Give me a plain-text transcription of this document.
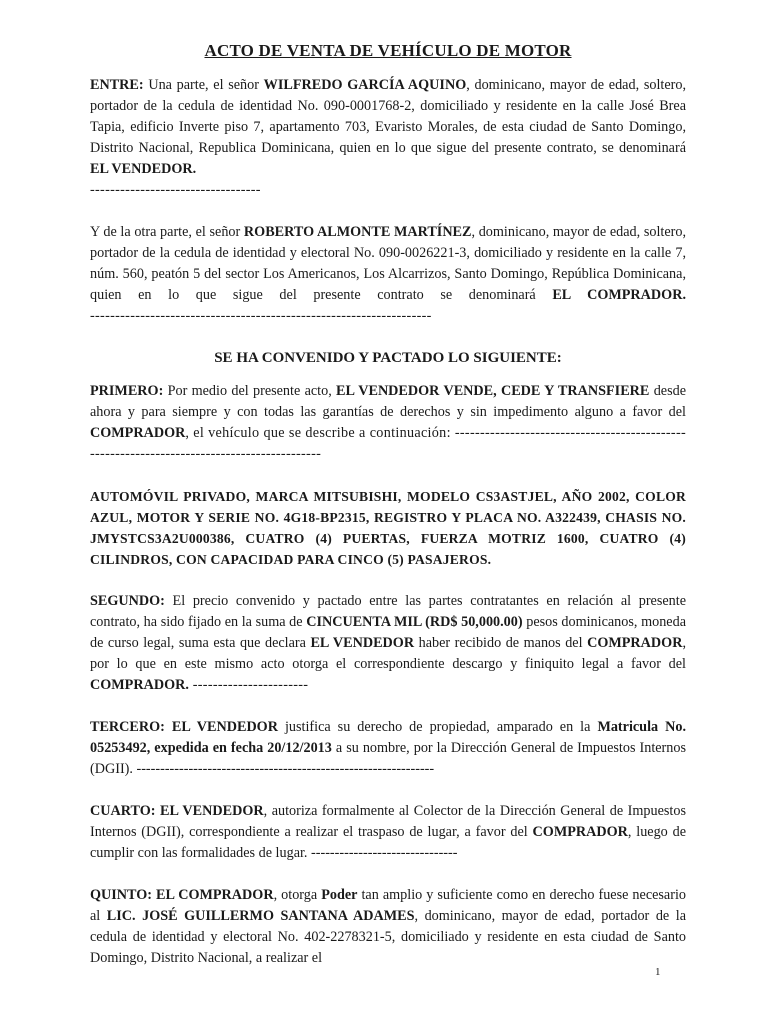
ACTO DE VENTA DE VEHÍCULO DE MOTOR

ENTRE: Una parte, el señor WILFREDO GARCÍA AQUINO, dominicano, mayor de edad, soltero, portador de la cedula de identidad No. 090-0001768-2, domiciliado y residente en la calle José Brea Tapia, edificio Inverte piso 7, apartamento 703, Evaristo Morales, de esta ciudad de Santo Domingo, Distrito Nacional, Republica Dominicana, quien en lo que sigue del presente contrato, se denominará EL VENDEDOR.

----------------------------------

Y de la otra parte, el señor ROBERTO ALMONTE MARTÍNEZ, dominicano, mayor de edad, soltero, portador de la cedula de identidad y electoral No. 090-0026221-3, domiciliado y residente en la calle 7, núm. 560, peatón 5 del sector Los Americanos, Los Alcarrizos, Santo Domingo, República Dominicana, quien en lo que sigue del presente contrato se denominará EL COMPRADOR.

--------------------------------------------------------------------
SE HA CONVENIDO Y PACTADO LO SIGUIENTE:

PRIMERO: Por medio del presente acto, EL VENDEDOR VENDE, CEDE Y TRANSFIERE desde ahora y para siempre y con todas las garantías de derechos y sin impedimento alguno a favor del COMPRADOR, el vehículo que se describe a continuación: --------------------------------------------------------------------------------------------

AUTOMÓVIL PRIVADO, MARCA MITSUBISHI, MODELO CS3ASTJEL, AÑO 2002, COLOR AZUL, MOTOR Y SERIE NO. 4G18-BP2315, REGISTRO Y PLACA NO. A322439, CHASIS NO. JMYSTCS3A2U000386, CUATRO (4) PUERTAS, FUERZA MOTRIZ 1600, CUATRO (4) CILINDROS, CON CAPACIDAD PARA CINCO (5) PASAJEROS.

SEGUNDO: El precio convenido y pactado entre las partes contratantes en relación al presente contrato, ha sido fijado en la suma de CINCUENTA MIL (RD$ 50,000.00) pesos dominicanos, moneda de curso legal, suma esta que declara EL VENDEDOR haber recibido de manos del COMPRADOR, por lo que en este mismo acto otorga el correspondiente descargo y finiquito legal a favor del COMPRADOR. -----------------------

TERCERO: EL VENDEDOR justifica su derecho de propiedad, amparado en la Matricula No. 05253492, expedida en fecha 20/12/2013 a su nombre, por la Dirección General de Impuestos Internos (DGII). ---------------------------------------------------------------

CUARTO: EL VENDEDOR, autoriza formalmente al Colector de la Dirección General de Impuestos Internos (DGII), correspondiente a realizar el traspaso de lugar, a favor del COMPRADOR, luego de cumplir con las formalidades de lugar. -------------------------------

QUINTO: EL COMPRADOR, otorga Poder tan amplio y suficiente como en derecho fuese necesario al LIC. JOSÉ GUILLERMO SANTANA ADAMES, dominicano, mayor de edad, portador de la cedula de identidad y electoral No. 402-2278321-5, domiciliado y residente en esta ciudad de Santo Domingo, Distrito Nacional, a realizar el

1
